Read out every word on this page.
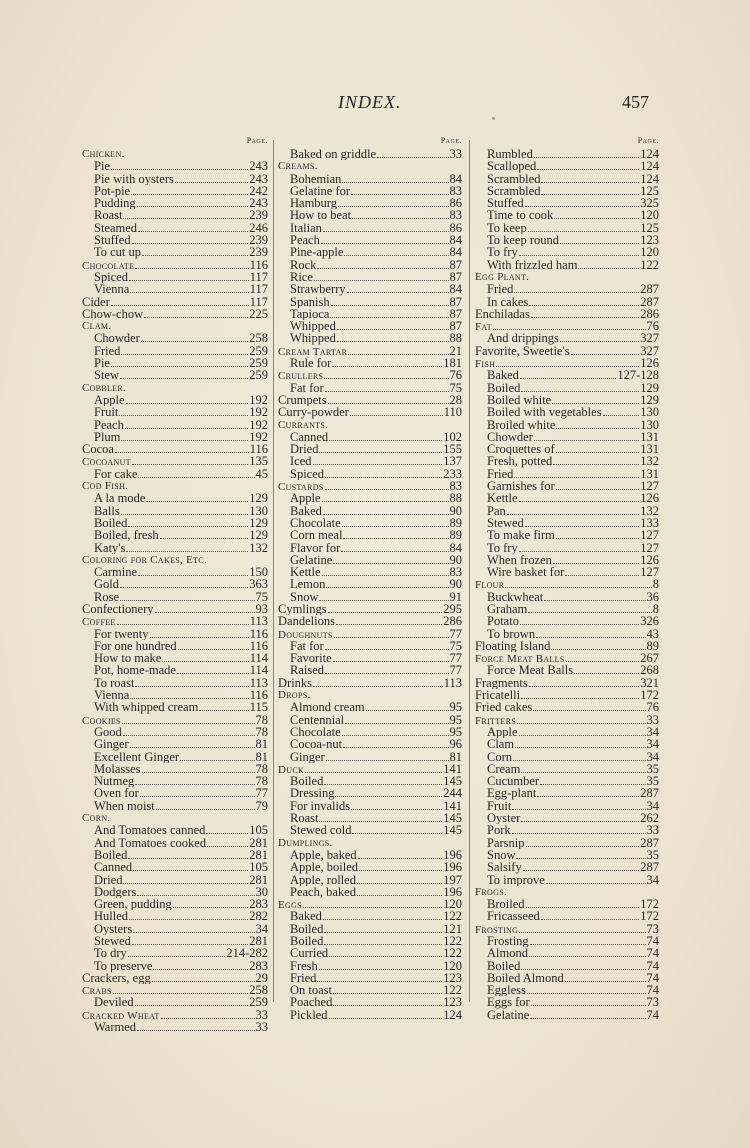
INDEX.	457
Page.
Chicken.
Pie	243
Pie with oysters	243
Pot-pie	242
Pudding	243
Roast	239
Steamed	246
Stuffed	239
To cut up	239
Chocolate	116
Spiced	117
Vienna	117
Cider	117
Chow-chow	225
Clam.
Chowder	258
Fried	259
Pie	259
Stew	259
Cobbler.
Apple	192
Fruit	192
Peach	192
Plum	192
Cocoa	116
Cocoanut	135
For cake	45
Cod Fish.
A la mode	129
Balls	130
Boiled	129
Boiled, fresh	129
Katy's	132
Coloring for Cakes, Etc.
Carmine	150
Gold	363
Rose	75
Confectionery	93
Coffee	113
For twenty	116
For one hundred	116
How to make	114
Pot, home-made	114
To roast	113
Vienna	116
With whipped cream	115
Cookies	78
Good	78
Ginger	81
Excellent Ginger	81
Molasses	78
Nutmeg	78
Oven for	77
When moist	79
Corn.
And Tomatoes canned	105
And Tomatoes cooked	281
Boiled	281
Canned	105
Dried	281
Dodgers	30
Green, pudding	283
Hulled	282
Oysters	34
Stewed	281
To dry	214-282
To preserve	283
Crackers, egg	29
Crabs	258
Deviled	259
Cracked Wheat	33
Warmed	33
Page.
Baked on griddle	33
Creams.
Bohemian	84
Gelatine for	83
Hamburg	86
How to beat	83
Italian	86
Peach	84
Pine-apple	84
Rock	87
Rice	87
Strawberry	84
Spanish	87
Tapioca	87
Whipped	87
Whipped	88
Cream Tartar	21
Rule for	181
Crullers	76
Fat for	75
Crumpets	28
Curry-powder	110
Currants.
Canned	102
Dried	155
Iced	137
Spiced	233
Custards	83
Apple	88
Baked	90
Chocolate	89
Corn meal	89
Flavor for	84
Gelatine	90
Kettle	83
Lemon	90
Snow	91
Cymlings	295
Dandelions	286
Doughnuts	77
Fat for	75
Favorite	77
Raised	77
Drinks	113
Drops.
Almond cream	95
Centennial	95
Chocolate	95
Cocoa-nut	96
Ginger	81
Duck	141
Boiled	145
Dressing	244
For invalids	141
Roast	145
Stewed cold	145
Dumplings.
Apple, baked	196
Apple, boiled	196
Apple, rolled	197
Peach, baked	196
Eggs	120
Baked	122
Boiled	121
Boiled	122
Curried	122
Fresh	120
Fried	123
On toast	122
Poached	123
Pickled	124
Page.
Rumbled	124
Scalloped	124
Scrambled	124
Scrambled	125
Stuffed	325
Time to cook	120
To keep	125
To keep round	123
To fry	120
With frizzled ham	122
Egg Plant.
Fried	287
In cakes	287
Enchiladas	286
Fat	76
And drippings	327
Favorite, Sweetie's	327
Fish	126
Baked	127-128
Boiled	129
Boiled white	129
Boiled with vegetables	130
Broiled white	130
Chowder	131
Croquettes of	131
Fresh, potted	132
Fried	131
Garnishes for	127
Kettle	126
Pan	132
Stewed	133
To make firm	127
To fry	127
When frozen	126
Wire basket for	127
Flour	8
Buckwheat	36
Graham	8
Potato	326
To brown	43
Floating Island	89
Force Meat Balls	267
Force Meat Balls	268
Fragments	321
Fricatelli	172
Fried cakes	76
Fritters	33
Apple	34
Clam	34
Corn	34
Cream	35
Cucumber	35
Egg-plant	287
Fruit	34
Oyster	262
Pork	33
Parsnip	287
Snow	35
Salsify	287
To improve	34
Frogs.
Broiled	172
Fricasseed	172
Frosting	73
Frosting	74
Almond	74
Boiled	74
Boiled Almond	74
Eggless	74
Eggs for	73
Gelatine	74
